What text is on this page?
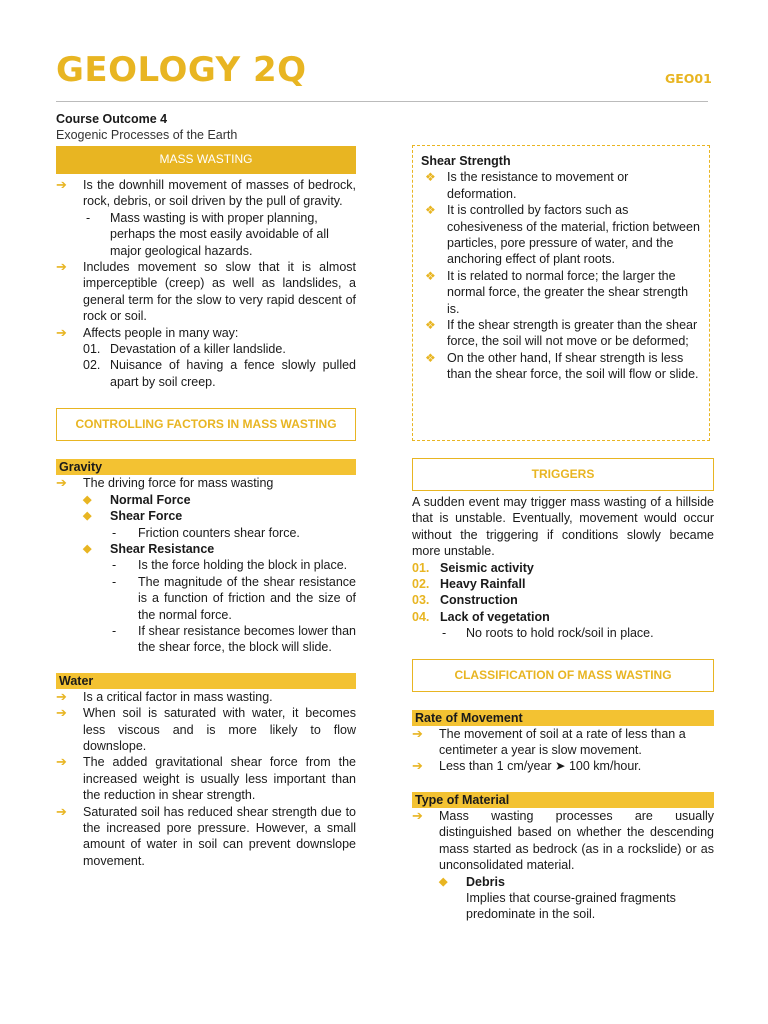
GEOLOGY 2Q	GEO01
Course Outcome 4
Exogenic Processes of the Earth
MASS WASTING
➔ Is the downhill movement of masses of bedrock, rock, debris, or soil driven by the pull of gravity.
- Mass wasting is with proper planning, perhaps the most easily avoidable of all major geological hazards.
➔ Includes movement so slow that it is almost imperceptible (creep) as well as landslides, a general term for the slow to very rapid descent of rock or soil.
➔ Affects people in many way:
01. Devastation of a killer landslide.
02. Nuisance of having a fence slowly pulled apart by soil creep.
CONTROLLING FACTORS IN MASS WASTING
Gravity
➔ The driving force for mass wasting
◆ Normal Force
◆ Shear Force
- Friction counters shear force.
◆ Shear Resistance
- Is the force holding the block in place.
- The magnitude of the shear resistance is a function of friction and the size of the normal force.
- If shear resistance becomes lower than the shear force, the block will slide.
Water
➔ Is a critical factor in mass wasting.
➔ When soil is saturated with water, it becomes less viscous and is more likely to flow downslope.
➔ The added gravitational shear force from the increased weight is usually less important than the reduction in shear strength.
➔ Saturated soil has reduced shear strength due to the increased pore pressure. However, a small amount of water in soil can prevent downslope movement.
Shear Strength
❖ Is the resistance to movement or deformation.
❖ It is controlled by factors such as cohesiveness of the material, friction between particles, pore pressure of water, and the anchoring effect of plant roots.
❖ It is related to normal force; the larger the normal force, the greater the shear strength is.
❖ If the shear strength is greater than the shear force, the soil will not move or be deformed;
❖ On the other hand, If shear strength is less than the shear force, the soil will flow or slide.
TRIGGERS
A sudden event may trigger mass wasting of a hillside that is unstable. Eventually, movement would occur without the triggering if conditions slowly became more unstable.
01. Seismic activity
02. Heavy Rainfall
03. Construction
04. Lack of vegetation
- No roots to hold rock/soil in place.
CLASSIFICATION OF MASS WASTING
Rate of Movement
➔ The movement of soil at a rate of less than a centimeter a year is slow movement.
➔ Less than 1 cm/year ➤ 100 km/hour.
Type of Material
➔ Mass wasting processes are usually distinguished based on whether the descending mass started as bedrock (as in a rockslide) or as unconsolidated material.
◆ Debris
Implies that course-grained fragments predominate in the soil.
